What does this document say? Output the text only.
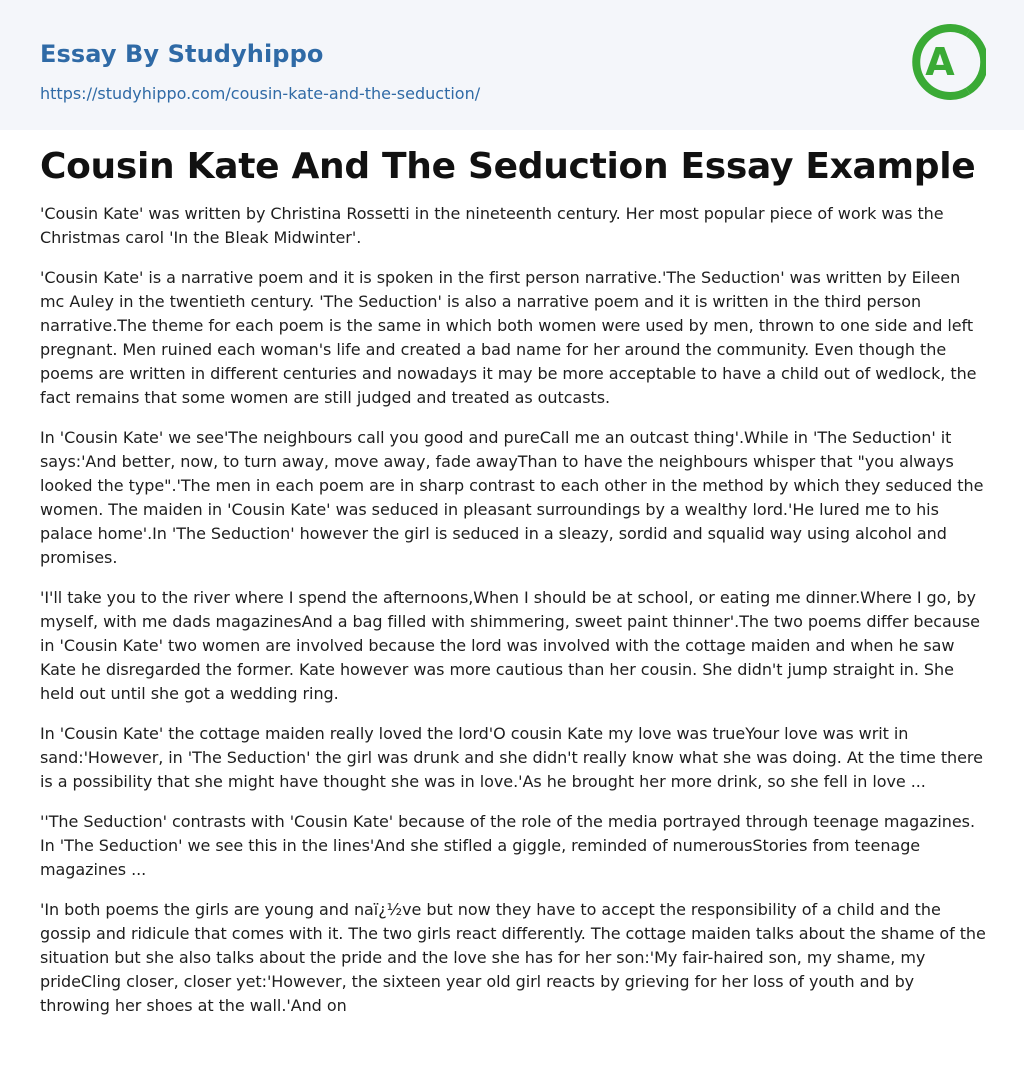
Essay By Studyhippo
https://studyhippo.com/cousin-kate-and-the-seduction/
A
Cousin Kate And The Seduction Essay Example

'Cousin Kate' was written by Christina Rossetti in the nineteenth century. Her most popular piece of work was the Christmas carol 'In the Bleak Midwinter'.

'Cousin Kate' is a narrative poem and it is spoken in the first person narrative.'The Seduction' was written by Eileen mc Auley in the twentieth century. 'The Seduction' is also a narrative poem and it is written in the third person narrative.The theme for each poem is the same in which both women were used by men, thrown to one side and left pregnant. Men ruined each woman's life and created a bad name for her around the community. Even though the poems are written in different centuries and nowadays it may be more acceptable to have a child out of wedlock, the fact remains that some women are still judged and treated as outcasts.

In 'Cousin Kate' we see'The neighbours call you good and pureCall me an outcast thing'.While in 'The Seduction' it says:'And better, now, to turn away, move away, fade awayThan to have the neighbours whisper that "you always looked the type".'The men in each poem are in sharp contrast to each other in the method by which they seduced the women. The maiden in 'Cousin Kate' was seduced in pleasant surroundings by a wealthy lord.'He lured me to his palace home'.In 'The Seduction' however the girl is seduced in a sleazy, sordid and squalid way using alcohol and promises.

'I'll take you to the river where I spend the afternoons,When I should be at school, or eating me dinner.Where I go, by myself, with me dads magazinesAnd a bag filled with shimmering, sweet paint thinner'.The two poems differ because in 'Cousin Kate' two women are involved because the lord was involved with the cottage maiden and when he saw Kate he disregarded the former. Kate however was more cautious than her cousin. She didn't jump straight in. She held out until she got a wedding ring.

In 'Cousin Kate' the cottage maiden really loved the lord'O cousin Kate my love was trueYour love was writ in sand:'However, in 'The Seduction' the girl was drunk and she didn't really know what she was doing. At the time there is a possibility that she might have thought she was in love.'As he brought her more drink, so she fell in love ...

''The Seduction' contrasts with 'Cousin Kate' because of the role of the media portrayed through teenage magazines. In 'The Seduction' we see this in the lines'And she stifled a giggle, reminded of numerousStories from teenage magazines ...

'In both poems the girls are young and naï¿½ve but now they have to accept the responsibility of a child and the gossip and ridicule that comes with it. The two girls react differently. The cottage maiden talks about the shame of the situation but she also talks about the pride and the love she has for her son:'My fair-haired son, my shame, my prideCling closer, closer yet:'However, the sixteen year old girl reacts by grieving for her loss of youth and by throwing her shoes at the wall.'And on
